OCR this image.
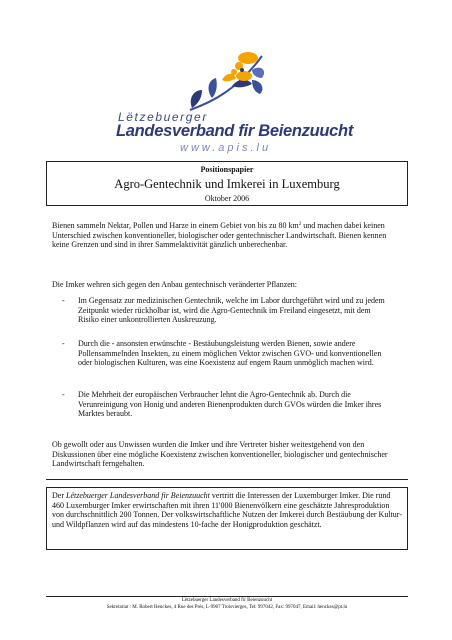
Lëtzebuerger
Landesverband fir Beienzuucht
www.apis.lu
Positionspapier
Agro-Gentechnik und Imkerei in Luxemburg
Oktober 2006
Bienen sammeln Nektar, Pollen und Harze in einem Gebiet von bis zu 80 $km^2$ und machen dabei keinen Unterschied zwischen konventioneller, biologischer oder gentechnischer Landwirtschaft. Bienen kennen keine Grenzen und sind in ihrer Sammelaktivität gänzlich unberechenbar.
Die Imker wehren sich gegen den Anbau gentechnisch veränderter Pflanzen:
- Im Gegensatz zur medizinischen Gentechnik, welche im Labor durchgeführt wird und zu jedem Zeitpunkt wieder rückholbar ist, wird die Agro-Gentechnik im Freiland eingesetzt, mit dem Risiko einer unkontrollierten Auskreuzung.
- Durch die - ansonsten erwünschte - Bestäubungsleistung werden Bienen, sowie andere Pollensammelnden Insekten, zu einem möglichen Vektor zwischen GVO- und konventionellen oder biologischen Kulturen, was eine Koexistenz auf engem Raum unmöglich machen wird.
- Die Mehrheit der europäischen Verbraucher lehnt die Agro-Gentechnik ab. Durch die Verunreinigung von Honig und anderen Bienenprodukten durch GVOs würden die Imker ihres Marktes beraubt.
Ob gewollt oder aus Unwissen wurden die Imker und ihre Vertreter bisher weitestgehend von den Diskussionen über eine mögliche Koexistenz zwischen konventioneller, biologischer und gentechnischer Landwirtschaft ferngehalten.
Der Lëtzebuerger Landesverband fir Beienzuucht vertritt die Interessen der Luxemburger Imker. Die rund 460 Luxemburger Imker erwirtschaften mit ihren 11'000 Bienenvölkern eine geschätzte Jahresproduktion von durchschnittlich 200 Tonnen. Der volkswirtschaftliche Nutzen der Imkerei durch Bestäubung der Kultur- und Wildpflanzen wird auf das mindestens 10-fache der Honigproduktion geschätzt.
Lëtzebuerger Landesverband fir Beienzuucht
Sekretariat : M. Robert Henckes, 4 Rue des Prés, L-9907 Troisvierges, Tel: 997042, Fax: 997047, Email: henckes@pt.lu
